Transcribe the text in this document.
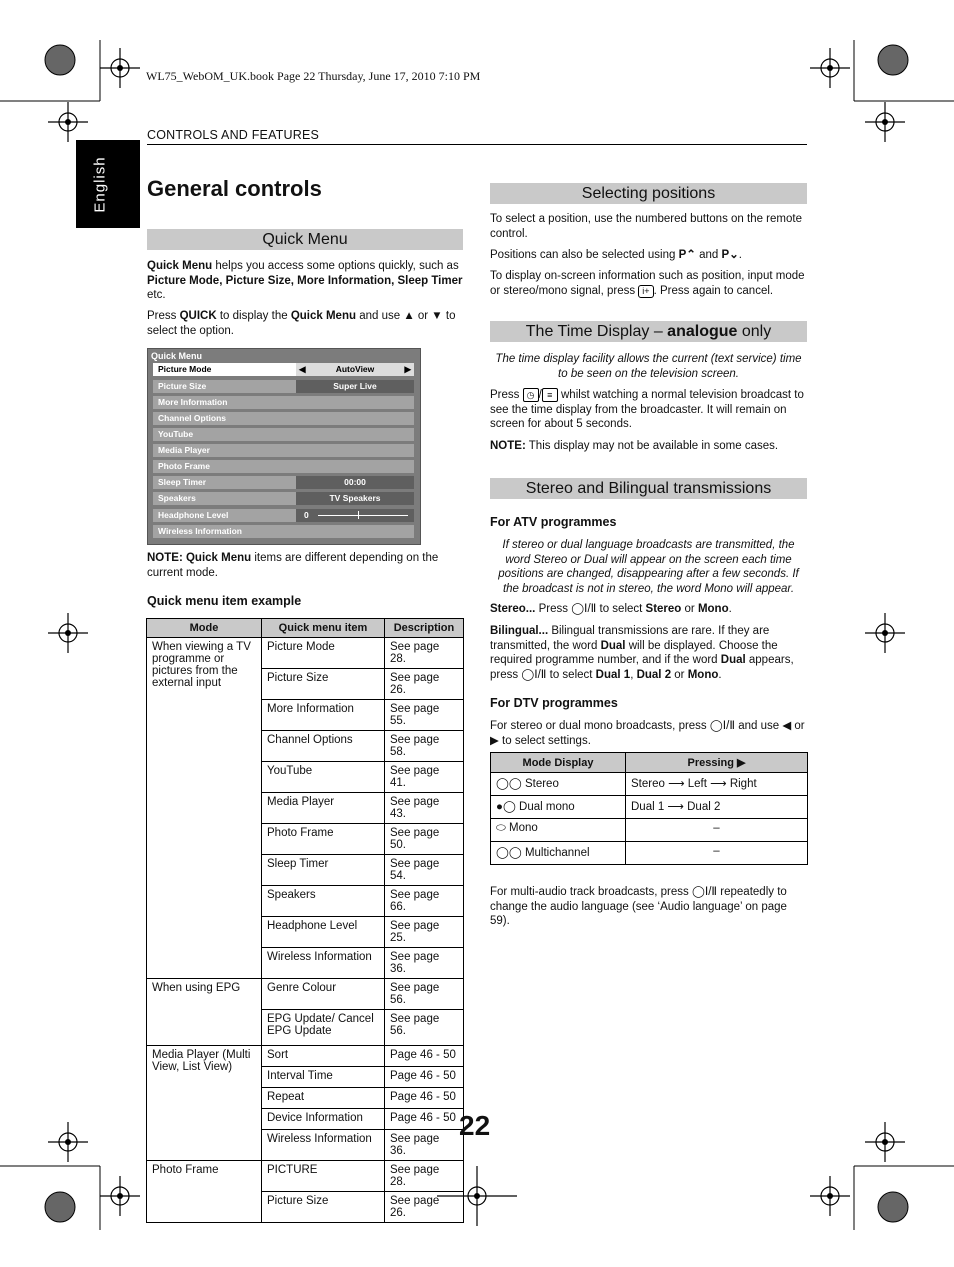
WL75_WebOM_UK.book Page 22 Thursday, June 17, 2010 7:10 PM
CONTROLS AND FEATURES
English General controls
Quick Menu

Quick Menu helps you access some options quickly, such as Picture Mode, Picture Size, More Information, Sleep Timer etc.

Press QUICK to display the Quick Menu and use ▲ or ▼ to select the option.

Quick Menu
Picture Mode	◀	AutoView	▶
Picture Size	Super Live
More Information
Channel Options
YouTube
Media Player
Photo Frame
Sleep Timer	00:00
Speakers	TV Speakers
Headphone Level	0
Wireless Information

NOTE: Quick Menu items are different depending on the current mode.

Quick menu item example
Mode	Quick menu item	Description
When viewing a TV programme or pictures from the external input	Picture Mode	See page 28.
	Picture Size	See page 26.
	More Information	See page 55.
	Channel Options	See page 58.
	YouTube	See page 41.
	Media Player	See page 43.
	Photo Frame	See page 50.
	Sleep Timer	See page 54.
	Speakers	See page 66.
	Headphone Level	See page 25.
	Wireless Information	See page 36.
When using EPG	Genre Colour	See page 56.
	EPG Update/ Cancel EPG Update	See page 56.
Media Player (Multi View, List View)	Sort	Page 46 - 50
	Interval Time	Page 46 - 50
	Repeat	Page 46 - 50
	Device Information	Page 46 - 50
	Wireless Information	See page 36.
Photo Frame	PICTURE	See page 28.
	Picture Size	See page 26.
Selecting positions

To select a position, use the numbered buttons on the remote control.

Positions can also be selected using P⌃ and P⌄.

To display on-screen information such as position, input mode or stereo/mono signal, press i+ . Press again to cancel.

The Time Display – analogue only

The time display facility allows the current (text service) time to be seen on the television screen.

Press ◷ / ≡ whilst watching a normal television broadcast to see the time display from the broadcaster. It will remain on screen for about 5 seconds.

NOTE: This display may not be available in some cases.

Stereo and Bilingual transmissions
For ATV programmes

If stereo or dual language broadcasts are transmitted, the word Stereo or Dual will appear on the screen each time positions are changed, disappearing after a few seconds. If the broadcast is not in stereo, the word Mono will appear.

Stereo... Press ◯Ⅰ/Ⅱ to select Stereo or Mono.

Bilingual... Bilingual transmissions are rare. If they are transmitted, the word Dual will be displayed. Choose the required programme number, and if the word Dual appears, press ◯Ⅰ/Ⅱ to select Dual 1, Dual 2 or Mono.

For DTV programmes

For stereo or dual mono broadcasts, press ◯Ⅰ/Ⅱ and use ◀ or ▶ to select settings.

Mode Display	Pressing ▶
◯◯ Stereo	Stereo ⟶ Left ⟶ Right
●◯ Dual mono	Dual 1 ⟶ Dual 2
⬭ Mono	–
◯◯ Multichannel	–

For multi-audio track broadcasts, press ◯Ⅰ/Ⅱ repeatedly to change the audio language (see ‘Audio language’ on page 59).

22
